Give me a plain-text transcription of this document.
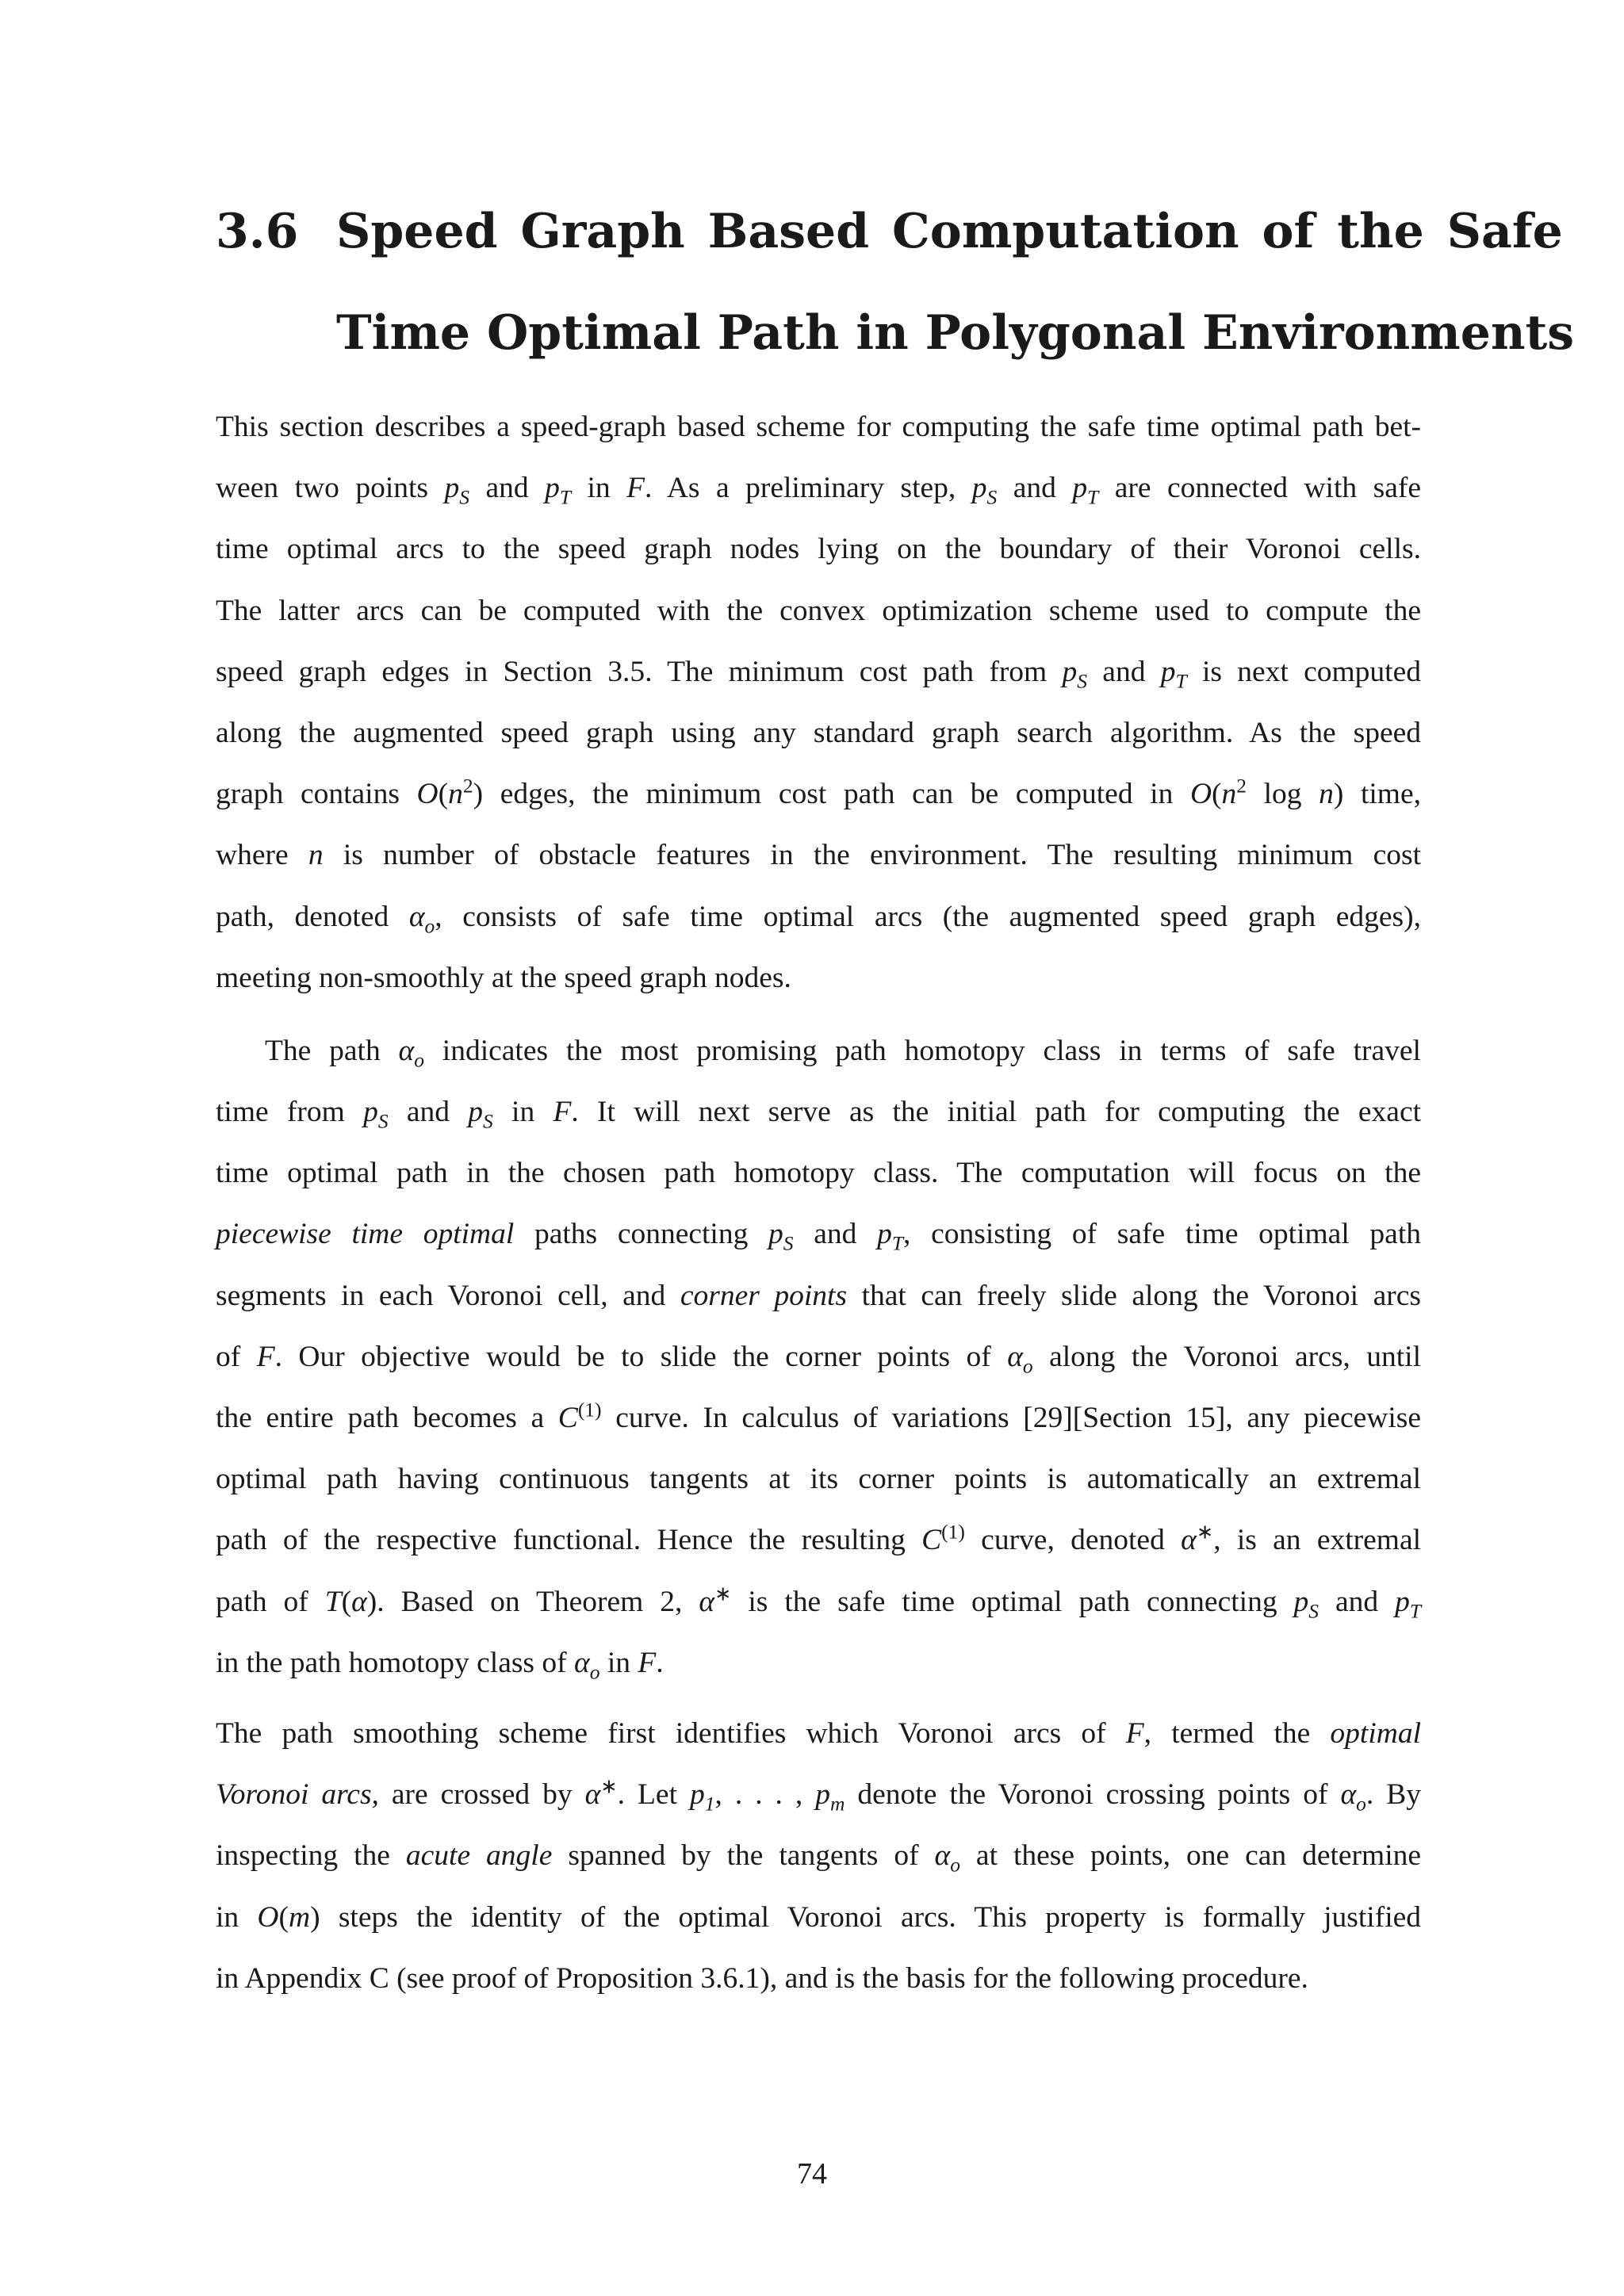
3.6 Speed Graph Based Computation of the Safe
Time Optimal Path in Polygonal Environments
This section describes a speed-graph based scheme for computing the safe time optimal path bet-
ween two points $p_S$ and $p_T$ in F. As a preliminary step, $p_S$ and $p_T$ are connected with safe
time optimal arcs to the speed graph nodes lying on the boundary of their Voronoi cells.
The latter arcs can be computed with the convex optimization scheme used to compute the
speed graph edges in Section 3.5. The minimum cost path from $p_S$ and $p_T$ is next computed
along the augmented speed graph using any standard graph search algorithm. As the speed
graph contains $O(n^2)$ edges, the minimum cost path can be computed in $O(n^2$ log n) time,
where n is number of obstacle features in the environment. The resulting minimum cost
path, denoted $\alpha_o$, consists of safe time optimal arcs (the augmented speed graph edges),
meeting non-smoothly at the speed graph nodes.
The path $\alpha_o$ indicates the most promising path homotopy class in terms of safe travel
time from $p_S$ and $p_S$ in F. It will next serve as the initial path for computing the exact
time optimal path in the chosen path homotopy class. The computation will focus on the
piecewise time optimal paths connecting $p_S$ and $p_T$, consisting of safe time optimal path
segments in each Voronoi cell, and corner points that can freely slide along the Voronoi arcs
of F. Our objective would be to slide the corner points of $\alpha_o$ along the Voronoi arcs, until
the entire path becomes a $C^{(1)}$ curve. In calculus of variations [29][Section 15], any piecewise
optimal path having continuous tangents at its corner points is automatically an extremal
path of the respective functional. Hence the resulting $C^{(1)}$ curve, denoted α∗, is an extremal
path of T(α). Based on Theorem 2, α∗ is the safe time optimal path connecting $p_S$ and $p_T$
in the path homotopy class of $\alpha_o$ in F.
The path smoothing scheme first identifies which Voronoi arcs of F, termed the optimal
Voronoi arcs, are crossed by α∗. Let $p_1$, . . . , $p_m$ denote the Voronoi crossing points of $\alpha_o$. By
inspecting the acute angle spanned by the tangents of $\alpha_o$ at these points, one can determine
in O(m) steps the identity of the optimal Voronoi arcs. This property is formally justified
in Appendix C (see proof of Proposition 3.6.1), and is the basis for the following procedure.
74
